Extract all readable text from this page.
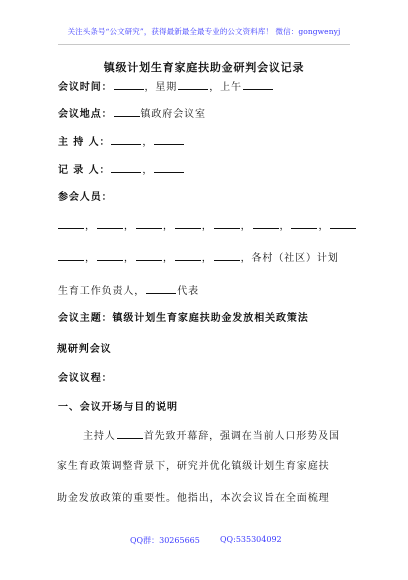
关注头条号“公文研究”，获得最新最全最专业的公文资料库！ 微信：gongwenyj
镇级计划生育家庭扶助金研判会议记录
会议时间：	，星期	，上午
会议地点：	镇政府会议室
主 持 人：	，
记 录 人：	，
参会人员：
，	，	，	，	，	，	，
，	，	，	，	，各村（社区）计划
生育工作负责人，	代表
会议主题：镇级计划生育家庭扶助金发放相关政策法
规研判会议
会议议程：
一、会议开场与目的说明
主持人	首先致开幕辞，强调在当前人口形势及国
家生育政策调整背景下，研究并优化镇级计划生育家庭扶
助金发放政策的重要性。他指出，本次会议旨在全面梳理
QQ群：30265665	QQ:535304092
